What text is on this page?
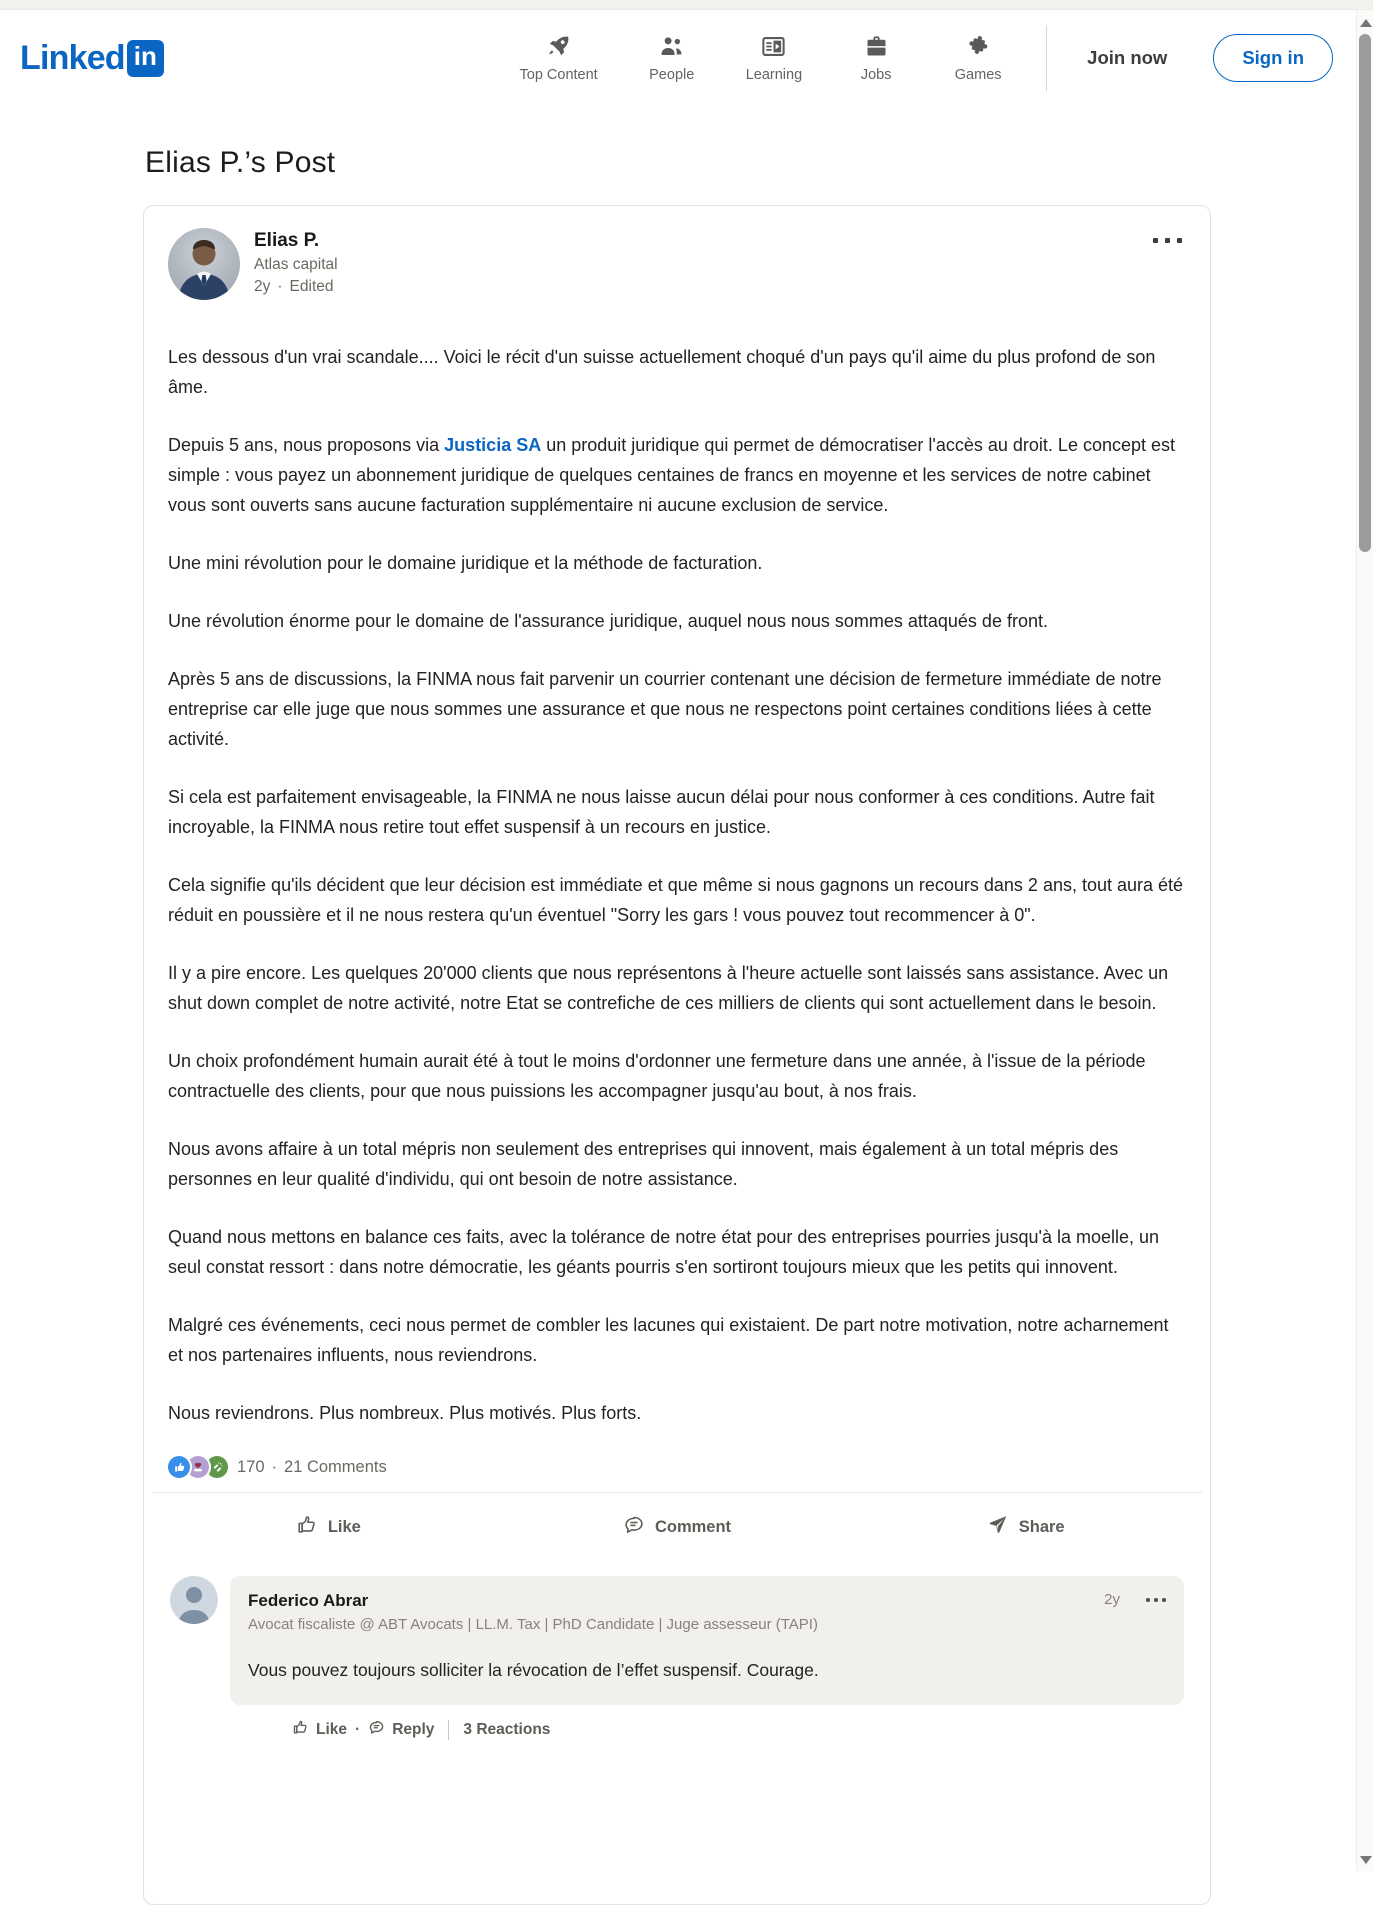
Linked in
Top Content	People	Learning	Jobs	Games
Join now	Sign in
Elias P.’s Post
Elias P.
Atlas capital
2y · Edited

Les dessous d'un vrai scandale.... Voici le récit d'un suisse actuellement choqué d'un pays qu'il aime du plus profond de son âme.

Depuis 5 ans, nous proposons via Justicia SA un produit juridique qui permet de démocratiser l'accès au droit. Le concept est simple : vous payez un abonnement juridique de quelques centaines de francs en moyenne et les services de notre cabinet vous sont ouverts sans aucune facturation supplémentaire ni aucune exclusion de service.

Une mini révolution pour le domaine juridique et la méthode de facturation.

Une révolution énorme pour le domaine de l'assurance juridique, auquel nous nous sommes attaqués de front.

Après 5 ans de discussions, la FINMA nous fait parvenir un courrier contenant une décision de fermeture immédiate de notre entreprise car elle juge que nous sommes une assurance et que nous ne respectons point certaines conditions liées à cette activité.

Si cela est parfaitement envisageable, la FINMA ne nous laisse aucun délai pour nous conformer à ces conditions. Autre fait incroyable, la FINMA nous retire tout effet suspensif à un recours en justice.

Cela signifie qu'ils décident que leur décision est immédiate et que même si nous gagnons un recours dans 2 ans, tout aura été réduit en poussière et il ne nous restera qu'un éventuel "Sorry les gars ! vous pouvez tout recommencer à 0".

Il y a pire encore. Les quelques 20'000 clients que nous représentons à l'heure actuelle sont laissés sans assistance. Avec un shut down complet de notre activité, notre Etat se contrefiche de ces milliers de clients qui sont actuellement dans le besoin.

Un choix profondément humain aurait été à tout le moins d'ordonner une fermeture dans une année, à l'issue de la période contractuelle des clients, pour que nous puissions les accompagner jusqu'au bout, à nos frais.

Nous avons affaire à un total mépris non seulement des entreprises qui innovent, mais également à un total mépris des personnes en leur qualité d'individu, qui ont besoin de notre assistance.

Quand nous mettons en balance ces faits, avec la tolérance de notre état pour des entreprises pourries jusqu'à la moelle, un seul constat ressort : dans notre démocratie, les géants pourris s'en sortiront toujours mieux que les petits qui innovent.

Malgré ces événements, ceci nous permet de combler les lacunes qui existaient. De part notre motivation, notre acharnement et nos partenaires influents, nous reviendrons.

Nous reviendrons. Plus nombreux. Plus motivés. Plus forts.

170 · 21 Comments
Like	Comment	Share
Federico Abrar
Avocat fiscaliste @ ABT Avocats | LL.M. Tax | PhD Candidate | Juge assesseur (TAPI)
2y
Vous pouvez toujours solliciter la révocation de l’effet suspensif. Courage.
Like · Reply 3 Reactions
